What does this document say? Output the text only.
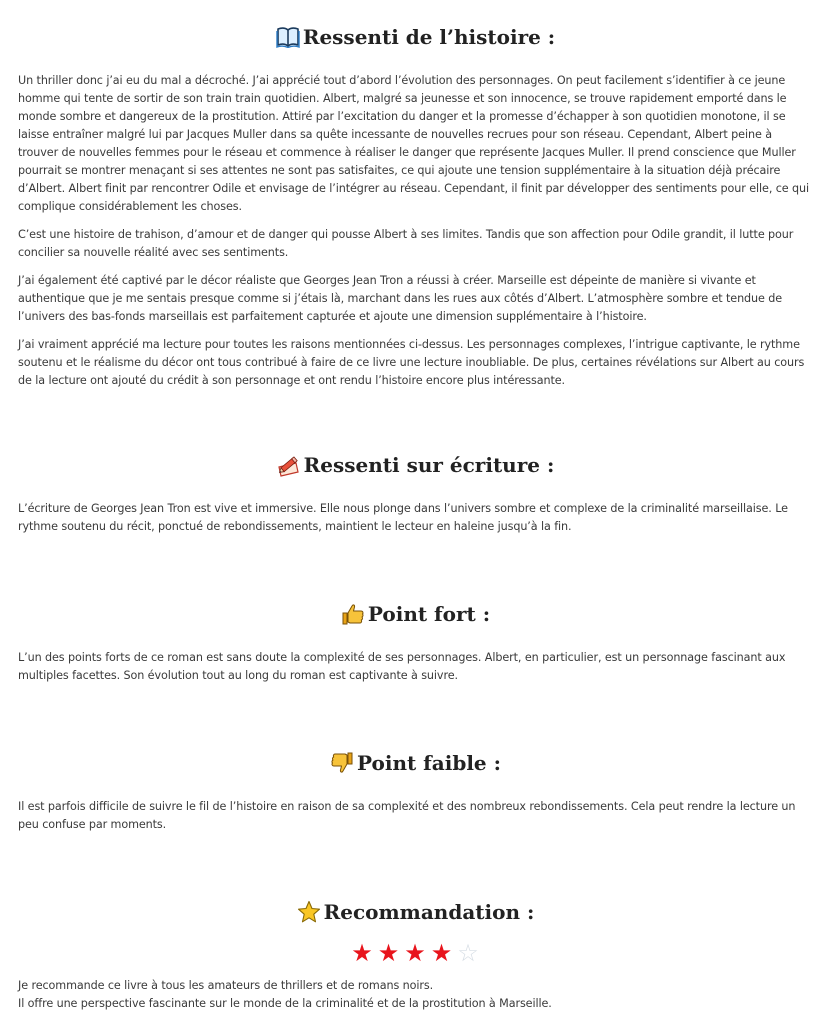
Ressenti de l’histoire :

Un thriller donc j’ai eu du mal a décroché. J’ai apprécié tout d’abord l’évolution des personnages. On peut facilement s’identifier à ce jeune homme qui tente de sortir de son train train quotidien. Albert, malgré sa jeunesse et son innocence, se trouve rapidement emporté dans le monde sombre et dangereux de la prostitution. Attiré par l’excitation du danger et la promesse d’échapper à son quotidien monotone, il se laisse entraîner malgré lui par Jacques Muller dans sa quête incessante de nouvelles recrues pour son réseau. Cependant, Albert peine à trouver de nouvelles femmes pour le réseau et commence à réaliser le danger que représente Jacques Muller. Il prend conscience que Muller pourrait se montrer menaçant si ses attentes ne sont pas satisfaites, ce qui ajoute une tension supplémentaire à la situation déjà précaire d’Albert. Albert finit par rencontrer Odile et envisage de l’intégrer au réseau. Cependant, il finit par développer des sentiments pour elle, ce qui complique considérablement les choses.

C’est une histoire de trahison, d’amour et de danger qui pousse Albert à ses limites. Tandis que son affection pour Odile grandit, il lutte pour concilier sa nouvelle réalité avec ses sentiments.

J’ai également été captivé par le décor réaliste que Georges Jean Tron a réussi à créer. Marseille est dépeinte de manière si vivante et authentique que je me sentais presque comme si j’étais là, marchant dans les rues aux côtés d’Albert. L’atmosphère sombre et tendue de l’univers des bas-fonds marseillais est parfaitement capturée et ajoute une dimension supplémentaire à l’histoire.

J’ai vraiment apprécié ma lecture pour toutes les raisons mentionnées ci-dessus. Les personnages complexes, l’intrigue captivante, le rythme soutenu et le réalisme du décor ont tous contribué à faire de ce livre une lecture inoubliable. De plus, certaines révélations sur Albert au cours de la lecture ont ajouté du crédit à son personnage et ont rendu l’histoire encore plus intéressante.

Ressenti sur écriture :

L’écriture de Georges Jean Tron est vive et immersive. Elle nous plonge dans l’univers sombre et complexe de la criminalité marseillaise. Le rythme soutenu du récit, ponctué de rebondissements, maintient le lecteur en haleine jusqu’à la fin.

Point fort :

L’un des points forts de ce roman est sans doute la complexité de ses personnages. Albert, en particulier, est un personnage fascinant aux multiples facettes. Son évolution tout au long du roman est captivante à suivre.

Point faible :

Il est parfois difficile de suivre le fil de l’histoire en raison de sa complexité et des nombreux rebondissements. Cela peut rendre la lecture un peu confuse par moments.

Recommandation :
★ ★ ★ ★ ☆

Je recommande ce livre à tous les amateurs de thrillers et de romans noirs.
Il offre une perspective fascinante sur le monde de la criminalité et de la prostitution à Marseille.
